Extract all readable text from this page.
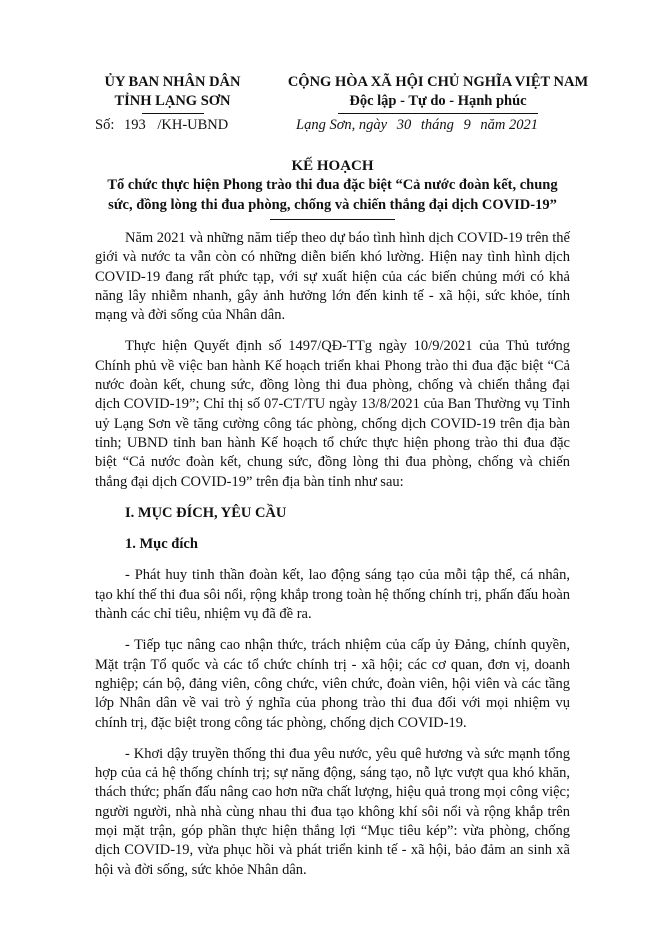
ỦY BAN NHÂN DÂN
TỈNH LẠNG SƠN
CỘNG HÒA XÃ HỘI CHỦ NGHĨA VIỆT NAM
Độc lập - Tự do - Hạnh phúc
Số: 193 /KH-UBND	Lạng Sơn, ngày 30 tháng 9 năm 2021
KẾ HOẠCH
Tổ chức thực hiện Phong trào thi đua đặc biệt “Cả nước đoàn kết, chung sức, đồng lòng thi đua phòng, chống và chiến thắng đại dịch COVID-19”

Năm 2021 và những năm tiếp theo dự báo tình hình dịch COVID-19 trên thế giới và nước ta vẫn còn có những diễn biến khó lường. Hiện nay tình hình dịch COVID-19 đang rất phức tạp, với sự xuất hiện của các biến chủng mới có khả năng lây nhiễm nhanh, gây ảnh hưởng lớn đến kinh tế - xã hội, sức khỏe, tính mạng và đời sống của Nhân dân.

Thực hiện Quyết định số 1497/QĐ-TTg ngày 10/9/2021 của Thủ tướng Chính phủ về việc ban hành Kế hoạch triển khai Phong trào thi đua đặc biệt “Cả nước đoàn kết, chung sức, đồng lòng thi đua phòng, chống và chiến thắng đại dịch COVID-19”; Chỉ thị số 07-CT/TU ngày 13/8/2021 của Ban Thường vụ Tỉnh uỷ Lạng Sơn về tăng cường công tác phòng, chống dịch COVID-19 trên địa bàn tỉnh; UBND tỉnh ban hành Kế hoạch tổ chức thực hiện phong trào thi đua đặc biệt “Cả nước đoàn kết, chung sức, đồng lòng thi đua phòng, chống và chiến thắng đại dịch COVID-19” trên địa bàn tỉnh như sau:

I. MỤC ĐÍCH, YÊU CẦU
1. Mục đích

- Phát huy tinh thần đoàn kết, lao động sáng tạo của mỗi tập thể, cá nhân, tạo khí thế thi đua sôi nổi, rộng khắp trong toàn hệ thống chính trị, phấn đấu hoàn thành các chỉ tiêu, nhiệm vụ đã đề ra.

- Tiếp tục nâng cao nhận thức, trách nhiệm của cấp ủy Đảng, chính quyền, Mặt trận Tổ quốc và các tổ chức chính trị - xã hội; các cơ quan, đơn vị, doanh nghiệp; cán bộ, đảng viên, công chức, viên chức, đoàn viên, hội viên và các tầng lớp Nhân dân về vai trò ý nghĩa của phong trào thi đua đối với mọi nhiệm vụ chính trị, đặc biệt trong công tác phòng, chống dịch COVID-19.

- Khơi dậy truyền thống thi đua yêu nước, yêu quê hương và sức mạnh tổng hợp của cả hệ thống chính trị; sự năng động, sáng tạo, nỗ lực vượt qua khó khăn, thách thức; phấn đấu nâng cao hơn nữa chất lượng, hiệu quả trong mọi công việc; người người, nhà nhà cùng nhau thi đua tạo không khí sôi nổi và rộng khắp trên mọi mặt trận, góp phần thực hiện thắng lợi “Mục tiêu kép”: vừa phòng, chống dịch COVID-19, vừa phục hồi và phát triển kinh tế - xã hội, bảo đảm an sinh xã hội và đời sống, sức khỏe Nhân dân.
